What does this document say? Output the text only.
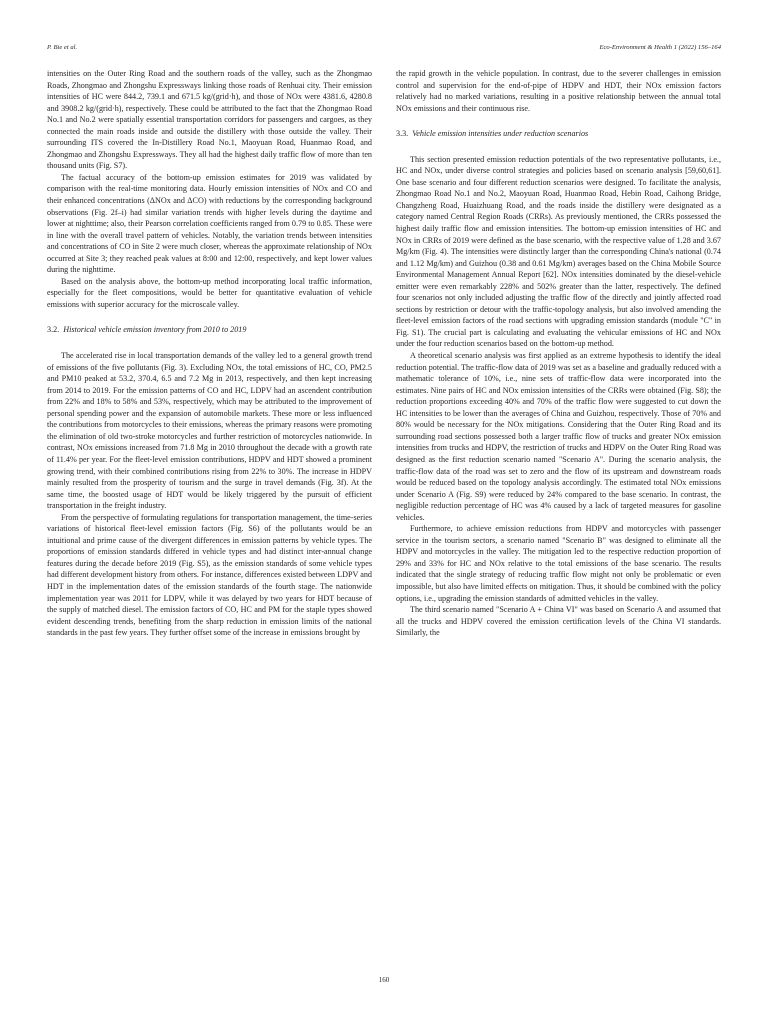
P. Bie et al.	Eco-Environment & Health 1 (2022) 156–164

intensities on the Outer Ring Road and the southern roads of the valley, such as the Zhongmao Roads, Zhongmao and Zhongshu Expressways linking those roads of Renhuai city. Their emission intensities of HC were 844.2, 739.1 and 671.5 kg/(grid·h), and those of NOx were 4381.6, 4280.8 and 3908.2 kg/(grid·h), respectively. These could be attributed to the fact that the Zhongmao Road No.1 and No.2 were spatially essential transportation corridors for passengers and cargoes, as they connected the main roads inside and outside the distillery with those outside the valley. Their surrounding ITS covered the In-Distillery Road No.1, Maoyuan Road, Huanmao Road, and Zhongmao and Zhongshu Expressways. They all had the highest daily traffic flow of more than ten thousand units (Fig. S7).

The factual accuracy of the bottom-up emission estimates for 2019 was validated by comparison with the real-time monitoring data. Hourly emission intensities of NOx and CO and their enhanced concentrations (ΔNOx and ΔCO) with reductions by the corresponding background observations (Fig. 2f–i) had similar variation trends with higher levels during the daytime and lower at nighttime; also, their Pearson correlation coefficients ranged from 0.79 to 0.85. These were in line with the overall travel pattern of vehicles. Notably, the variation trends between intensities and concentrations of CO in Site 2 were much closer, whereas the approximate relationship of NOx occurred at Site 3; they reached peak values at 8:00 and 12:00, respectively, and kept lower values during the nighttime.

Based on the analysis above, the bottom-up method incorporating local traffic information, especially for the fleet compositions, would be better for quantitative evaluation of vehicle emissions with superior accuracy for the microscale valley.

3.2. Historical vehicle emission inventory from 2010 to 2019

The accelerated rise in local transportation demands of the valley led to a general growth trend of emissions of the five pollutants (Fig. 3). Excluding NOx, the total emissions of HC, CO, PM2.5 and PM10 peaked at 53.2, 370.4, 6.5 and 7.2 Mg in 2013, respectively, and then kept increasing from 2014 to 2019. For the emission patterns of CO and HC, LDPV had an ascendent contribution from 22% and 18% to 58% and 53%, respectively, which may be attributed to the improvement of personal spending power and the expansion of automobile markets. These more or less influenced the contributions from motorcycles to their emissions, whereas the primary reasons were promoting the elimination of old two-stroke motorcycles and further restriction of motorcycles nationwide. In contrast, NOx emissions increased from 71.8 Mg in 2010 throughout the decade with a growth rate of 11.4% per year. For the fleet-level emission contributions, HDPV and HDT showed a prominent growing trend, with their combined contributions rising from 22% to 30%. The increase in HDPV mainly resulted from the prosperity of tourism and the surge in travel demands (Fig. 3f). At the same time, the boosted usage of HDT would be likely triggered by the pursuit of efficient transportation in the freight industry.

From the perspective of formulating regulations for transportation management, the time-series variations of historical fleet-level emission factors (Fig. S6) of the pollutants would be an intuitional and prime cause of the divergent differences in emission patterns by vehicle types. The proportions of emission standards differed in vehicle types and had distinct inter-annual change features during the decade before 2019 (Fig. S5), as the emission standards of some vehicle types had different development history from others. For instance, differences existed between LDPV and HDT in the implementation dates of the emission standards of the fourth stage. The nationwide implementation year was 2011 for LDPV, while it was delayed by two years for HDT because of the supply of matched diesel. The emission factors of CO, HC and PM for the staple types showed evident descending trends, benefiting from the sharp reduction in emission limits of the national standards in the past few years. They further offset some of the increase in emissions brought by

the rapid growth in the vehicle population. In contrast, due to the severer challenges in emission control and supervision for the end-of-pipe of HDPV and HDT, their NOx emission factors relatively had no marked variations, resulting in a positive relationship between the annual total NOx emissions and their continuous rise.

3.3. Vehicle emission intensities under reduction scenarios

This section presented emission reduction potentials of the two representative pollutants, i.e., HC and NOx, under diverse control strategies and policies based on scenario analysis [59,60,61]. One base scenario and four different reduction scenarios were designed. To facilitate the analysis, Zhongmao Road No.1 and No.2, Maoyuan Road, Huanmao Road, Hebin Road, Caihong Bridge, Changzheng Road, Huaizhuang Road, and the roads inside the distillery were designated as a category named Central Region Roads (CRRs). As previously mentioned, the CRRs possessed the highest daily traffic flow and emission intensities. The bottom-up emission intensities of HC and NOx in CRRs of 2019 were defined as the base scenario, with the respective value of 1.28 and 3.67 Mg/km (Fig. 4). The intensities were distinctly larger than the corresponding China's national (0.74 and 1.12 Mg/km) and Guizhou (0.38 and 0.61 Mg/km) averages based on the China Mobile Source Environmental Management Annual Report [62]. NOx intensities dominated by the diesel-vehicle emitter were even remarkably 228% and 502% greater than the latter, respectively. The defined four scenarios not only included adjusting the traffic flow of the directly and jointly affected road sections by restriction or detour with the traffic-topology analysis, but also involved amending the fleet-level emission factors of the road sections with upgrading emission standards (module "C" in Fig. S1). The crucial part is calculating and evaluating the vehicular emissions of HC and NOx under the four reduction scenarios based on the bottom-up method.

A theoretical scenario analysis was first applied as an extreme hypothesis to identify the ideal reduction potential. The traffic-flow data of 2019 was set as a baseline and gradually reduced with a mathematic tolerance of 10%, i.e., nine sets of traffic-flow data were incorporated into the estimates. Nine pairs of HC and NOx emission intensities of the CRRs were obtained (Fig. S8); the reduction proportions exceeding 40% and 70% of the traffic flow were suggested to cut down the HC intensities to be lower than the averages of China and Guizhou, respectively. Those of 70% and 80% would be necessary for the NOx mitigations. Considering that the Outer Ring Road and its surrounding road sections possessed both a larger traffic flow of trucks and greater NOx emission intensities from trucks and HDPV, the restriction of trucks and HDPV on the Outer Ring Road was designed as the first reduction scenario named "Scenario A". During the scenario analysis, the traffic-flow data of the road was set to zero and the flow of its upstream and downstream roads would be reduced based on the topology analysis accordingly. The estimated total NOx emissions under Scenario A (Fig. S9) were reduced by 24% compared to the base scenario. In contrast, the negligible reduction percentage of HC was 4% caused by a lack of targeted measures for gasoline vehicles.

Furthermore, to achieve emission reductions from HDPV and motorcycles with passenger service in the tourism sectors, a scenario named "Scenario B" was designed to eliminate all the HDPV and motorcycles in the valley. The mitigation led to the respective reduction proportion of 29% and 33% for HC and NOx relative to the total emissions of the base scenario. The results indicated that the single strategy of reducing traffic flow might not only be problematic or even impossible, but also have limited effects on mitigation. Thus, it should be combined with the policy options, i.e., upgrading the emission standards of admitted vehicles in the valley.

The third scenario named "Scenario A + China VI" was based on Scenario A and assumed that all the trucks and HDPV covered the emission certification levels of the China VI standards. Similarly, the

160
